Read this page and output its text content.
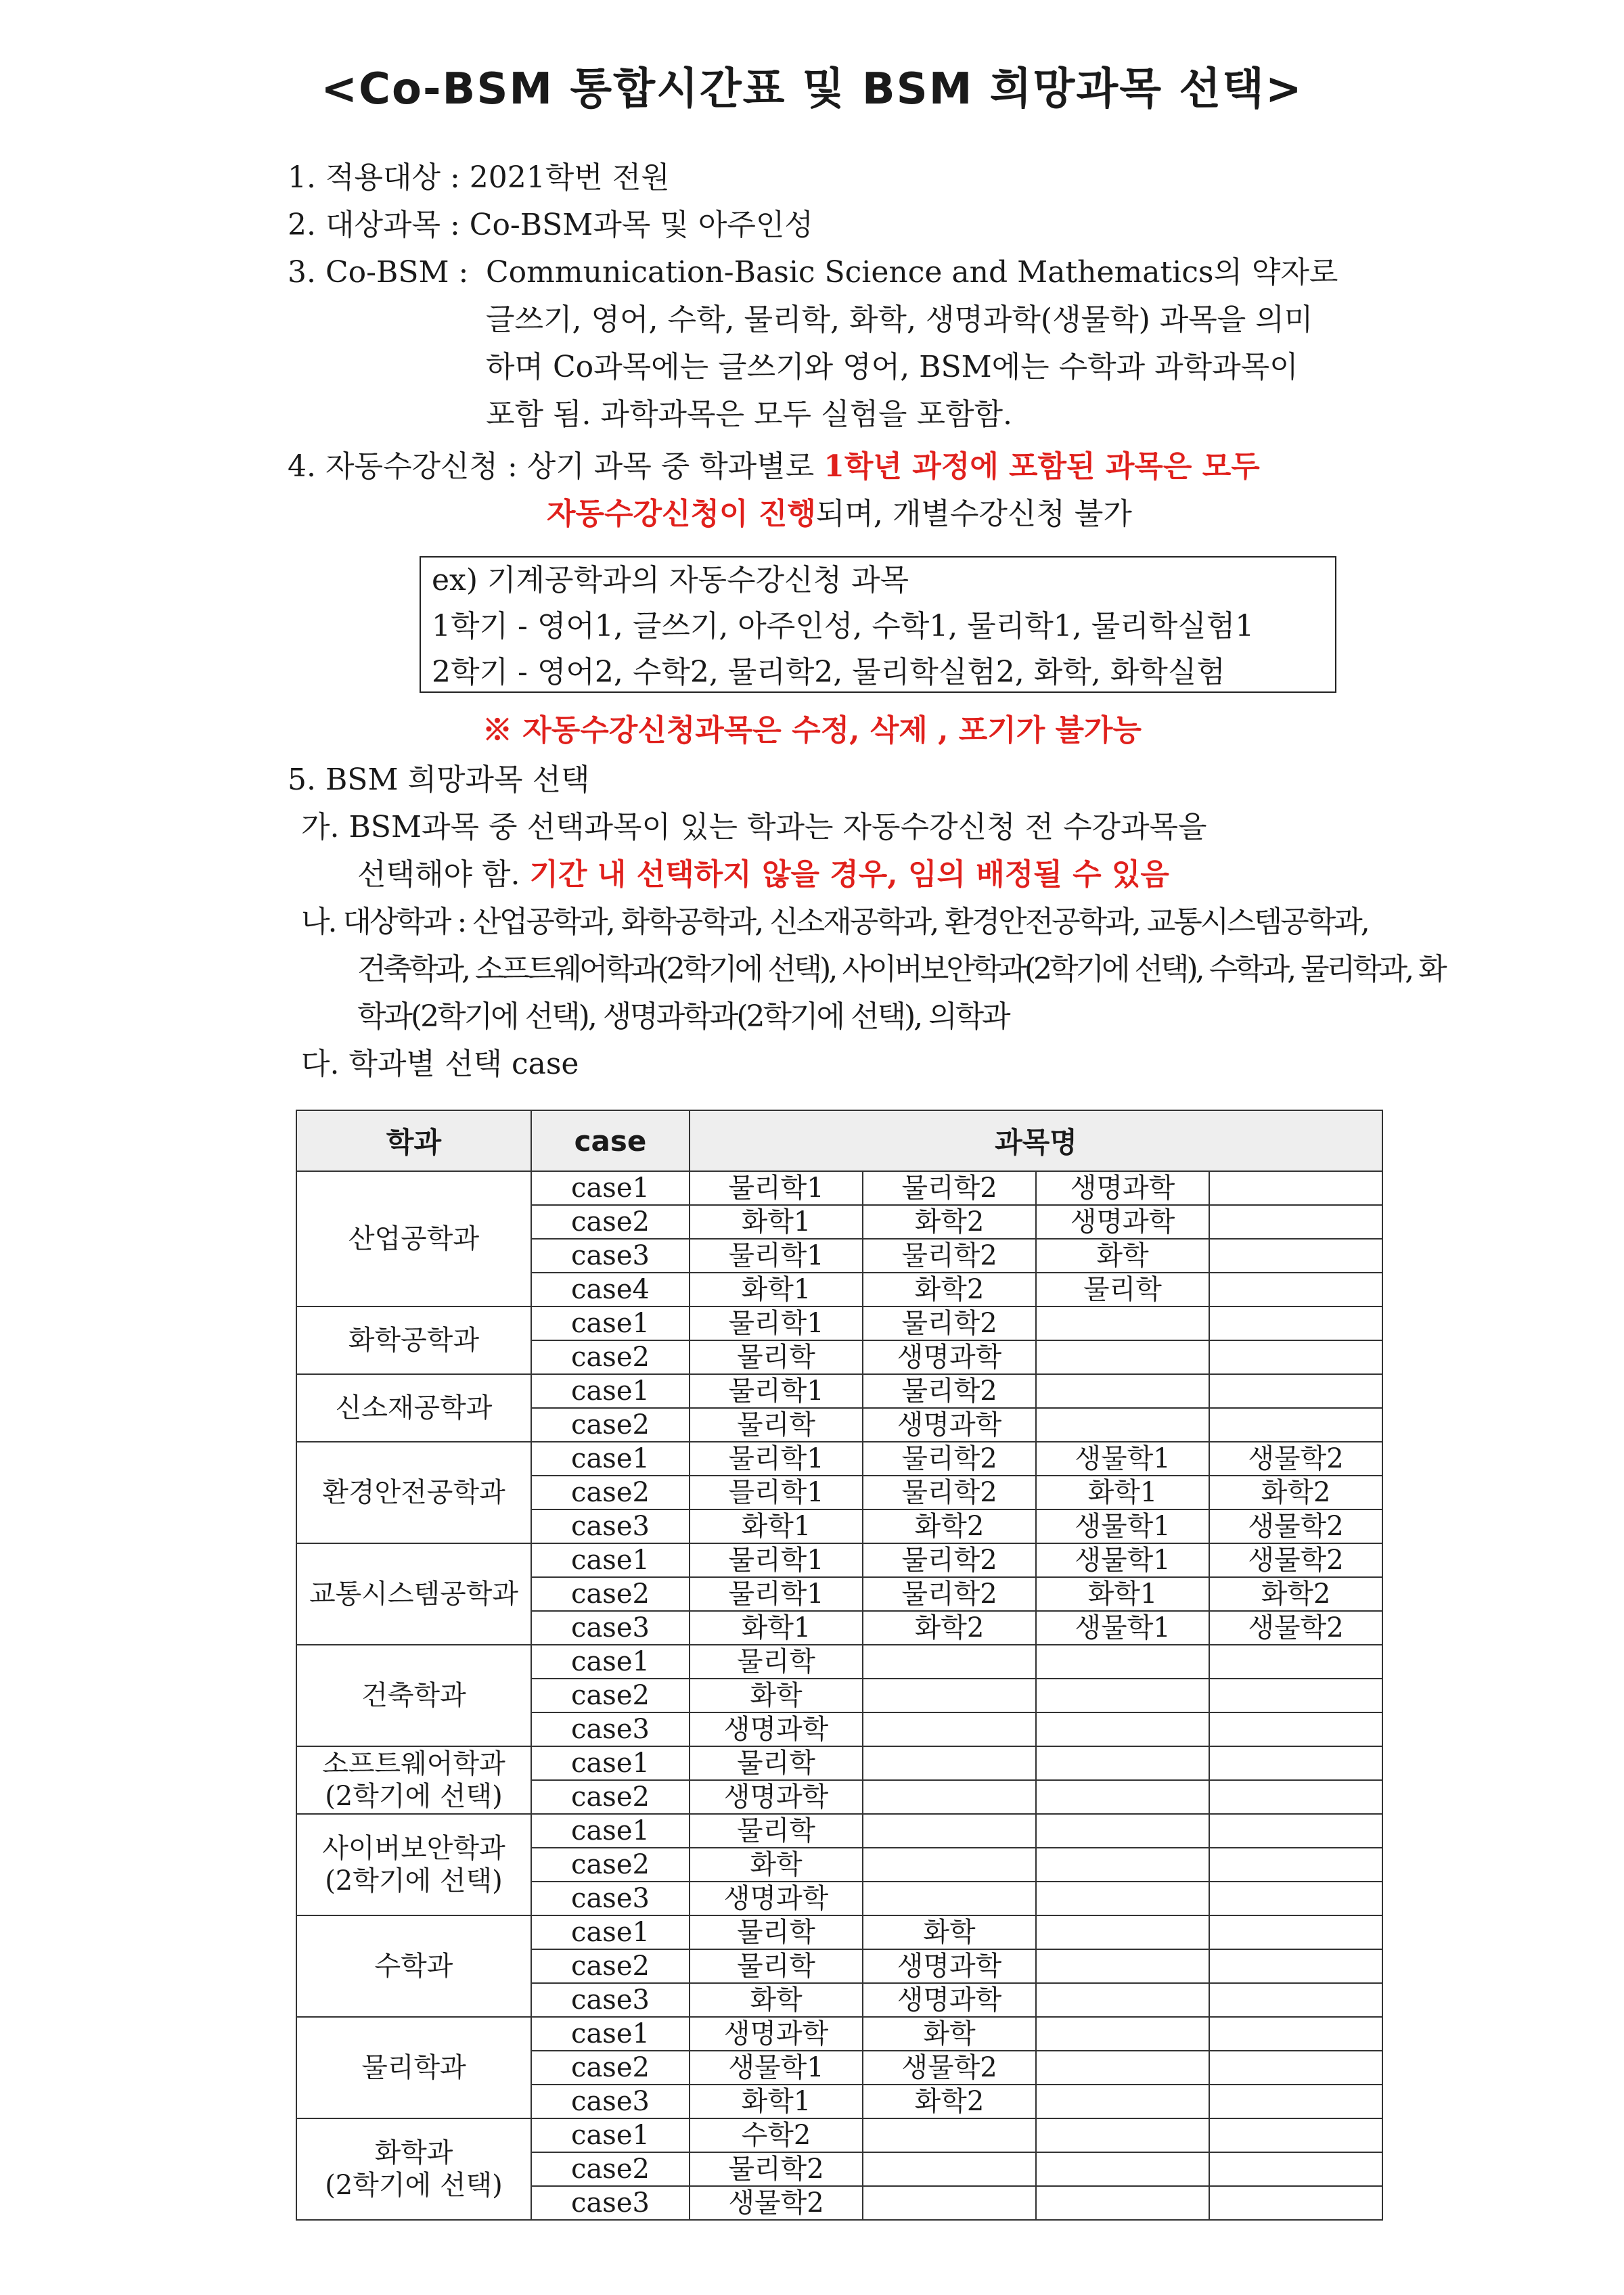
<Co-BSM 통합시간표 및 BSM 희망과목 선택>
1. 적용대상 : 2021학번 전원
2. 대상과목 : Co-BSM과목 및 아주인성
3. Co-BSM : Communication-Basic Science and Mathematics의 약자로
글쓰기, 영어, 수학, 물리학, 화학, 생명과학(생물학) 과목을 의미
하며 Co과목에는 글쓰기와 영어, BSM에는 수학과 과학과목이
포함 됨. 과학과목은 모두 실험을 포함함.
4. 자동수강신청 : 상기 과목 중 학과별로 1학년 과정에 포함된 과목은 모두
자동수강신청이 진행되며, 개별수강신청 불가
ex) 기계공학과의 자동수강신청 과목
1학기 - 영어1, 글쓰기, 아주인성, 수학1, 물리학1, 물리학실험1
2학기 - 영어2, 수학2, 물리학2, 물리학실험2, 화학, 화학실험
※ 자동수강신청과목은 수정, 삭제 , 포기가 불가능
5. BSM 희망과목 선택
가. BSM과목 중 선택과목이 있는 학과는 자동수강신청 전 수강과목을
선택해야 함. 기간 내 선택하지 않을 경우, 임의 배정될 수 있음
나. 대상학과 : 산업공학과, 화학공학과, 신소재공학과, 환경안전공학과, 교통시스템공학과,
건축학과, 소프트웨어학과(2학기에 선택), 사이버보안학과(2학기에 선택), 수학과, 물리학과, 화
학과(2학기에 선택), 생명과학과(2학기에 선택), 의학과
다. 학과별 선택 case
학과	case	과목명			

산업공학과	case1	물리학1	물리학2	생명과학	
	case2	화학1	화학2	생명과학	
	case3	물리학1	물리학2	화학	
	case4	화학1	화학2	물리학	

화학공학과	case1	물리학1	물리학2		
	case2	물리학	생명과학		

신소재공학과	case1	물리학1	물리학2		
	case2	물리학	생명과학		

환경안전공학과	case1	물리학1	물리학2	생물학1	생물학2
	case2	믈리학1	물리학2	화학1	화학2
	case3	화학1	화학2	생물학1	생물학2

교통시스템공학과	case1	물리학1	물리학2	생물학1	생물학2
	case2	물리학1	물리학2	화학1	화학2
	case3	화학1	화학2	생물학1	생물학2

건축학과	case1	물리학			
	case2	화학			
	case3	생명과학			

소프트웨어학과
(2학기에 선택)	case1	물리학			
	case2	생명과학			

사이버보안학과
(2학기에 선택)	case1	물리학			
	case2	화학			
	case3	생명과학			

수학과	case1	물리학	화학		
	case2	물리학	생명과학		
	case3	화학	생명과학		

물리학과	case1	생명과학	화학		
	case2	생물학1	생물학2		
	case3	화학1	화학2		

화학과
(2학기에 선택)	case1	수학2			
	case2	물리학2			
	case3	생물학2			
